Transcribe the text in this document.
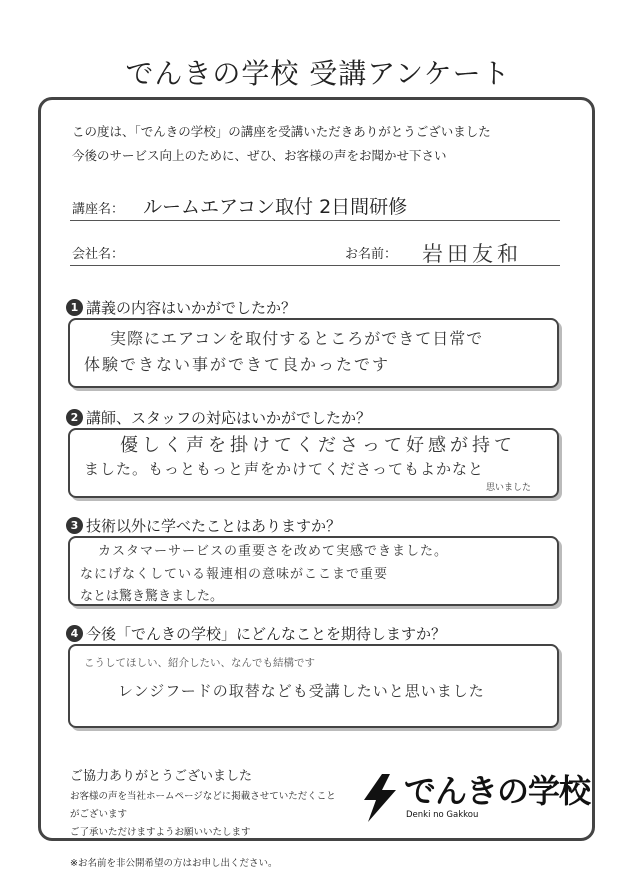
でんきの学校 受講アンケート
この度は、「でんきの学校」の講座を受講いただきありがとうございました
今後のサービス向上のために、ぜひ、お客様の声をお聞かせ下さい
講座名： ルームエアコン取付 2日間研修
会社名：	お名前： 岩田友和
1 講義の内容はいかがでしたか？
実際にエアコンを取付するところができて日常で
体験できない事ができて良かったです
2 講師、スタッフの対応はいかがでしたか？
優しく声を掛けてくださって好感が持て
ました。もっともっと声をかけてくださってもよかなと
思いました
3 技術以外に学べたことはありますか？
カスタマーサービスの重要さを改めて実感できました。
なにげなくしている報連相の意味がここまで重要
なとは驚き驚きました。
4 今後「でんきの学校」にどんなことを期待しますか？
こうしてほしい、紹介したい、なんでも結構です
レンジフードの取替なども受講したいと思いました
ご協力ありがとうございました
お客様の声を当社ホームページなどに掲載させていただくこと
がございます
ご了承いただけますようお願いいたします
でんきの学校
Denki no Gakkou
※お名前を非公開希望の方はお申し出ください。
